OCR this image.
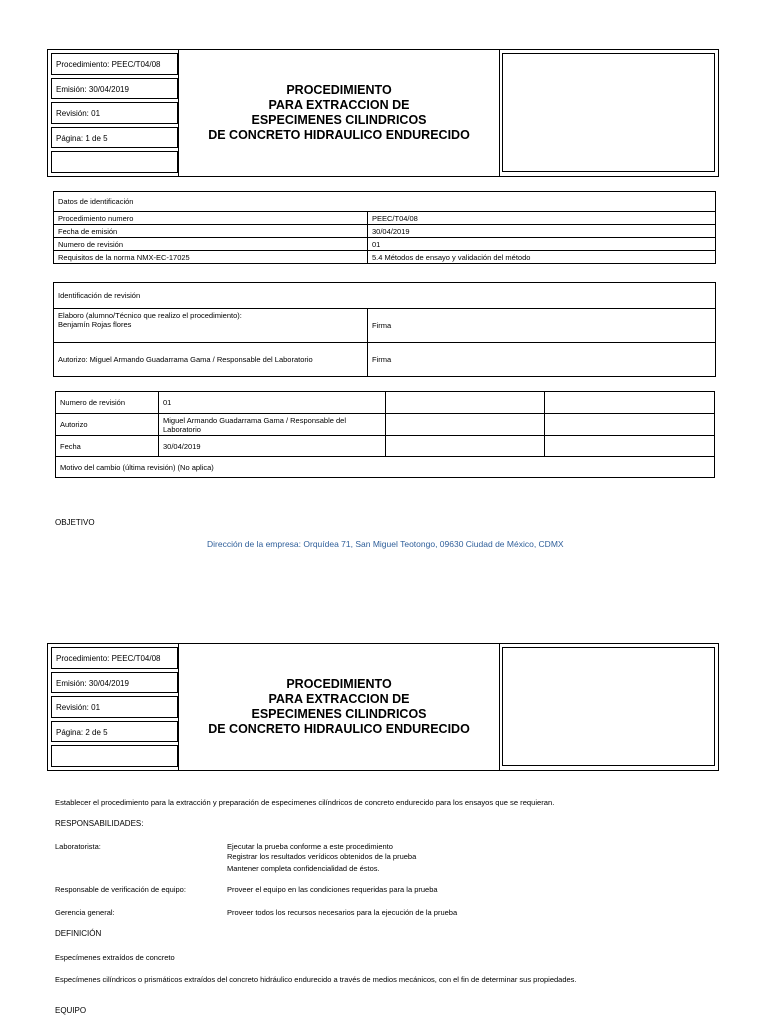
Procedimiento: PEEC/T04/08
Emisión: 30/04/2019
Revisión: 01
Página: 1 de 5
PROCEDIMIENTO
PARA EXTRACCION DE
ESPECIMENES CILINDRICOS
DE CONCRETO HIDRAULICO ENDURECIDO
Datos de identificación	
Procedimiento numero	PEEC/T04/08
Fecha de emisión	30/04/2019
Numero de revisión	01
Requisitos de la norma NMX-EC-17025	5.4 Métodos de ensayo y validación del método
Identificación de revisión	

Elaboro (alumno/Técnico que realizo el procedimiento):
Benjamín Rojas flores	Firma
Autorizo: Miguel Armando Guadarrama Gama / Responsable del Laboratorio	Firma
Numero de revisión	01		
Autorizo	Miguel Armando Guadarrama Gama / Responsable del Laboratorio		
Fecha	30/04/2019		
Motivo del cambio (última revisión) (No aplica)			
OBJETIVO
Dirección de la empresa: Orquídea 71, San Miguel Teotongo, 09630 Ciudad de México, CDMX
Procedimiento: PEEC/T04/08
Emisión: 30/04/2019
Revisión: 01
Página: 2 de 5
PROCEDIMIENTO
PARA EXTRACCION DE
ESPECIMENES CILINDRICOS
DE CONCRETO HIDRAULICO ENDURECIDO
Establecer el procedimiento para la extracción y preparación de especimenes cilíndricos de concreto endurecido para los ensayos que se requieran.
RESPONSABILIDADES:
Laboratorista:	Ejecutar la prueba conforme a este procedimiento
Registrar los resultados verídicos obtenidos de la prueba
Mantener completa confidencialidad de éstos.
Responsable de verificación de equipo:	Proveer el equipo en las condiciones requeridas para la prueba
Gerencia general:	Proveer todos los recursos necesarios para la ejecución de la prueba
DEFINICIÓN
Especímenes extraídos de concreto
Especímenes cilíndricos o prismáticos extraídos del concreto hidráulico endurecido a través de medios mecánicos, con el fin de determinar sus propiedades.
EQUIPO
